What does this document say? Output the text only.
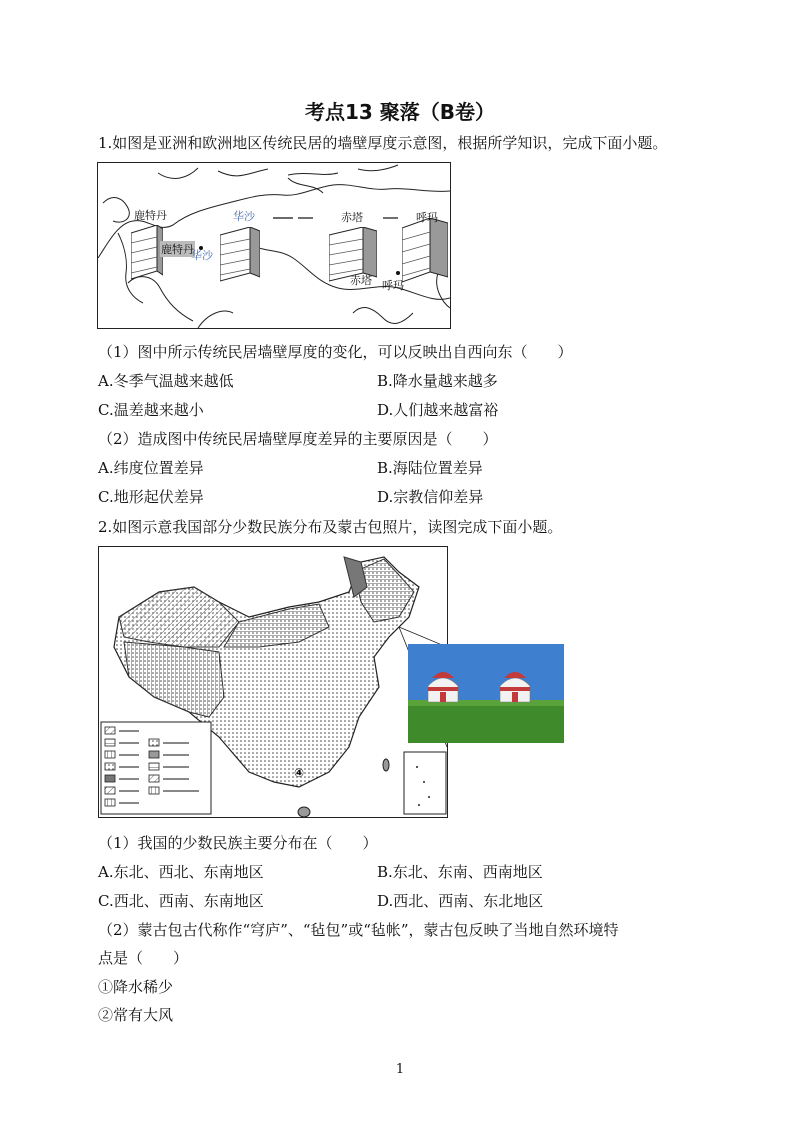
考点13 聚落（B卷）
1.如图是亚洲和欧洲地区传统民居的墙壁厚度示意图，根据所学知识，完成下面小题。
鹿特丹	华沙	赤塔	呼玛
鹿特丹
华沙
赤塔 呼玛
（1）图中所示传统民居墙壁厚度的变化，可以反映出自西向东（　　）
A.冬季气温越来越低	B.降水量越来越多
C.温差越来越小	D.人们越来越富裕
（2）造成图中传统民居墙壁厚度差异的主要原因是（　　）
A.纬度位置差异	B.海陆位置差异
C.地形起伏差异	D.宗教信仰差异
2.如图示意我国部分少数民族分布及蒙古包照片，读图完成下面小题。
④
（1）我国的少数民族主要分布在（　　）
A.东北、西北、东南地区	B.东北、东南、西南地区
C.西北、西南、东南地区	D.西北、西南、东北地区
（2）蒙古包古代称作“穹庐”、“毡包”或“毡帐”，蒙古包反映了当地自然环境特
点是（　　）
①降水稀少
②常有大风
1
